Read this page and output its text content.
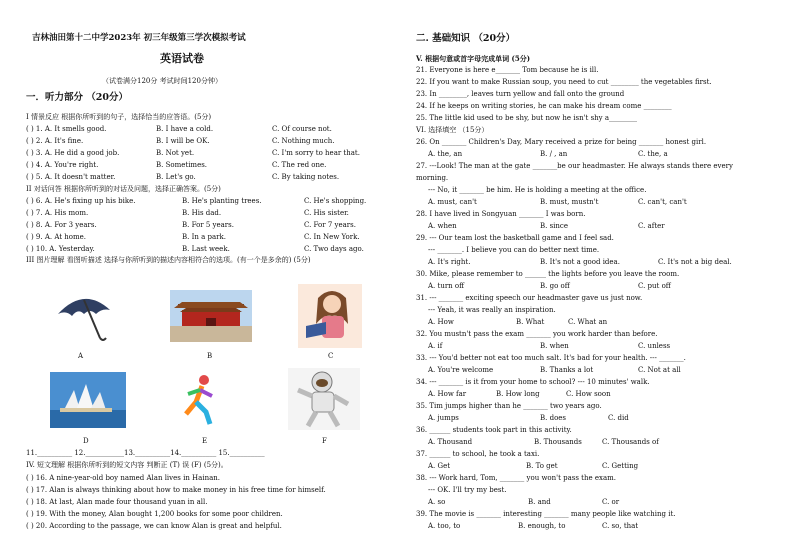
吉林油田第十二中学2023年 初三年级第三学次模拟考试
英语试卷
（试卷满分120分 考试时间120分钟）
一．听力部分 （20分）
I 情景反应 根据你所听到的句子，选择恰当的应答语。(5分)
( ) 1. A. It smells good.	B. I have a cold.	C. Of course not.
( ) 2. A. It's fine.	B. I will be OK.	C. Nothing much.
( ) 3. A. He did a good job.	B. Not yet.	C. I'm sorry to hear that.
( ) 4. A. You're right.	B. Sometimes.	C. The red one.
( ) 5. A. It doesn't matter.	B. Let's go.	C. By taking notes.
II 对话问答 根据你所听到的对话及问题，选择正确答案。(5分)
( ) 6. A. He's fixing up his bike.	B. He's planting trees.	C. He's shopping.
( ) 7. A. His mom.	B. His dad.	C. His sister.
( ) 8. A. For 3 years.	B. For 5 years.	C. For 7 years.
( ) 9. A. At home.	B. In a park.	C. In New York.
( ) 10. A. Yesterday.	B. Last week.	C. Two days ago.
III 图片理解 看图听描述 选择与你所听到的描述内容相符合的选项。(有一个是多余的) (5分)
A	B	C
D	E	F
11.__________ 12.___________13.__________14.__________ 15.__________
IV. 短文理解 根据你所听到的短文内容 判断正 (T) 误 (F) (5分)。
( ) 16. A nine-year-old boy named Alan lives in Hainan.
( ) 17. Alan is always thinking about how to make money in his free time for himself.
( ) 18. At last, Alan made four thousand yuan in all.
( ) 19. With the money, Alan bought 1,200 books for some poor children.
( ) 20. According to the passage, we can know Alan is great and helpful.
二. 基础知识 （20分）
V. 根据句意或首字母完成单词 (5分)
21. Everyone is here e_______ Tom because he is ill.
22. If you want to make Russian soup, you need to cut ________ the vegetables first.
23. In ________, leaves turn yellow and fall onto the ground
24. If he keeps on writing stories, he can make his dream come ________
25. The little kid used to be shy, but now he isn't shy a________
VI. 选择填空 （15分）
26. On _______ Children's Day, Mary received a prize for being _______ honest girl.
A. the, an	B. / , an	C. the, a
27. ---Look! The man at the gate _______be our headmaster. He always stands there every
morning.
--- No, it _______ be him. He is holding a meeting at the office.
A. must, can't	B. must, mustn't	C. can't, can't
28. I have lived in Songyuan _______ I was born.
A. when	B. since	C. after
29. --- Our team lost the basketball game and I feel sad.
--- _______. I believe you can do better next time.
A. It's right.	B. It's not a good idea.	C. It's not a big deal.
30. Mike, please remember to ______ the lights before you leave the room.
A. turn off	B. go off	C. put off
31. --- _______ exciting speech our headmaster gave us just now.
--- Yeah, it was really an inspiration.
A. How	B. What	C. What an
32. You mustn't pass the exam _______ you work harder than before.
A. if	B. when	C. unless
33. --- You'd better not eat too much salt. It's bad for your health. --- _______.
A. You're welcome	B. Thanks a lot	C. Not at all
34. --- _______ is it from your home to school? --- 10 minutes' walk.
A. How far	B. How long	C. How soon
35. Tim jumps higher than he _______ two years ago.
A. jumps	B. does	C. did
36. ______ students took part in this activity.
A. Thousand	B. Thousands	C. Thousands of
37. ______ to school, he took a taxi.
A. Get	B. To get	C. Getting
38. --- Work hard, Tom, _______ you won't pass the exam.
--- OK. I'll try my best.
A. so	B. and	C. or
39. The movie is _______ interesting _______ many people like watching it.
A. too, to	B. enough, to	C. so, that
